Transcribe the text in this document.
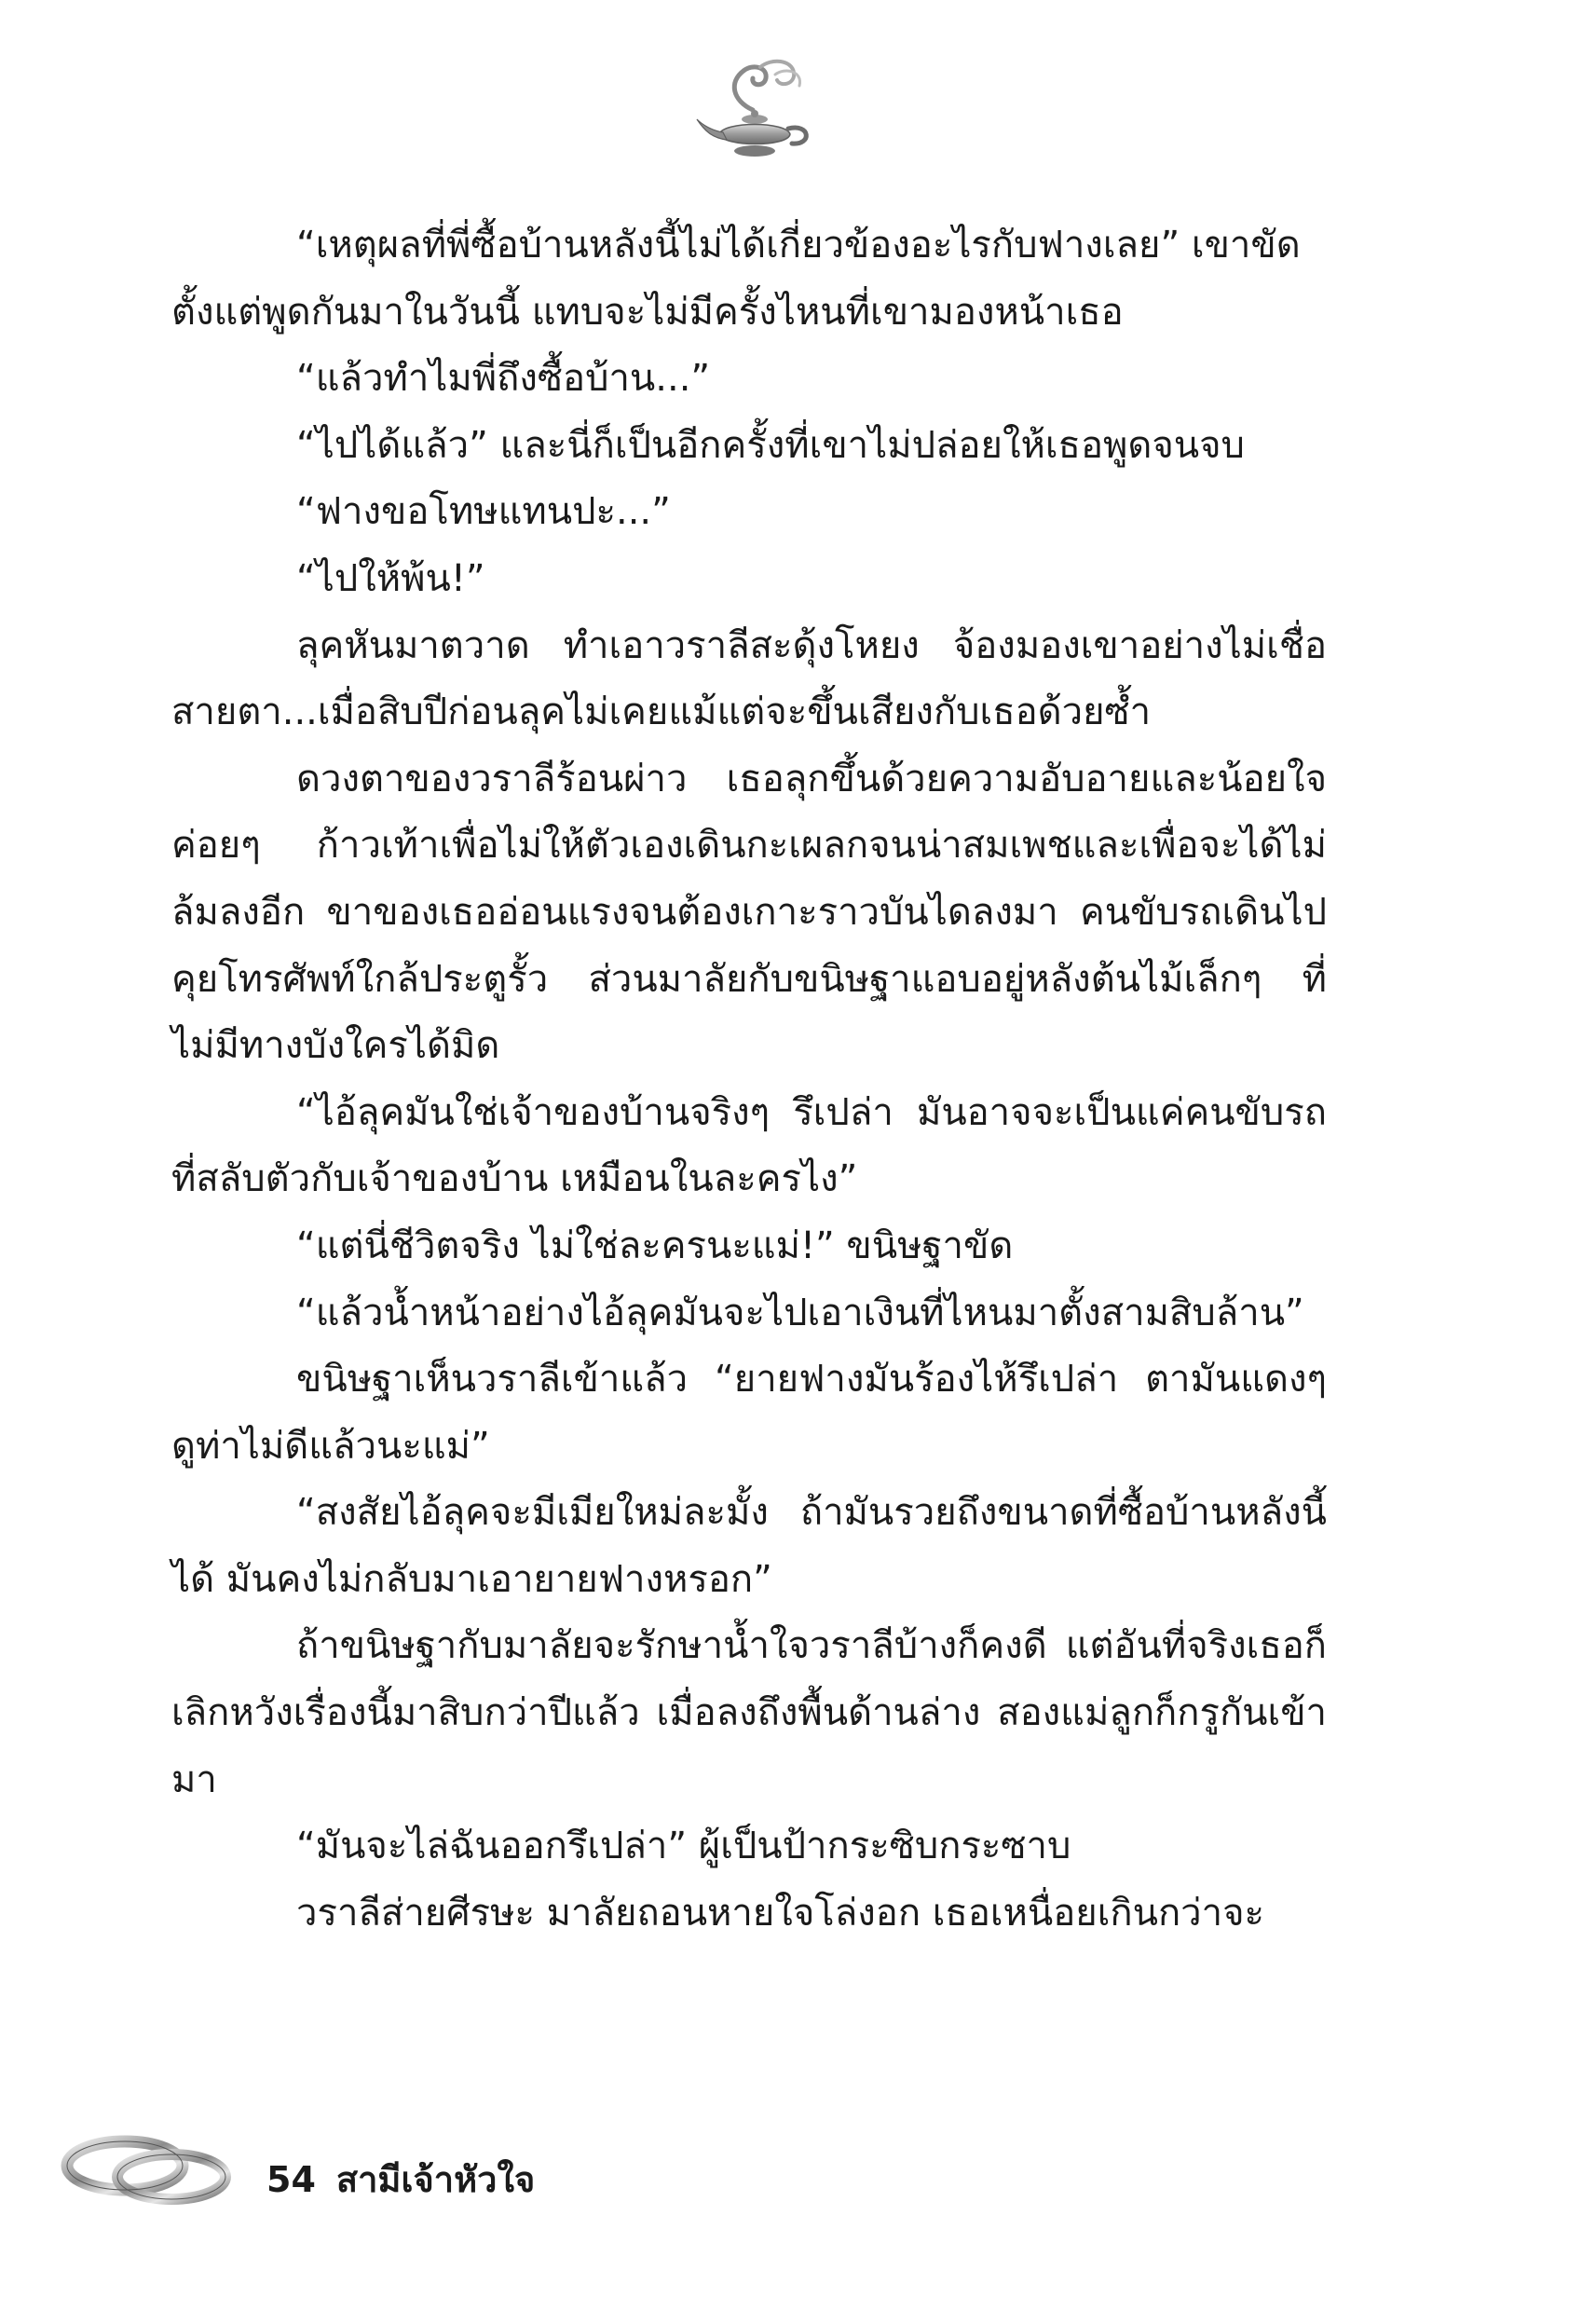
“เหตุผลที่พี่ซื้อบ้านหลังนี้ไม่ได้เกี่ยวข้องอะไรกับฟางเลย” เขาขัด

ตั้งแต่พูดกันมาในวันนี้ แทบจะไม่มีครั้งไหนที่เขามองหน้าเธอ

“แล้วทำไมพี่ถึงซื้อบ้าน...”

“ไปได้แล้ว” และนี่ก็เป็นอีกครั้งที่เขาไม่ปล่อยให้เธอพูดจนจบ

“ฟางขอโทษแทนปะ...”

“ไปให้พ้น!”

ลุคหันมาตวาด ทำเอาวราลีสะดุ้งโหยง จ้องมองเขาอย่างไม่เชื่อสายตา...เมื่อสิบปีก่อนลุคไม่เคยแม้แต่จะขึ้นเสียงกับเธอด้วยซ้ำ

ดวงตาของวราลีร้อนผ่าว เธอลุกขึ้นด้วยความอับอายและน้อยใจ ค่อยๆ ก้าวเท้าเพื่อไม่ให้ตัวเองเดินกะเผลกจนน่าสมเพชและเพื่อจะได้ไม่ล้มลงอีก ขาของเธออ่อนแรงจนต้องเกาะราวบันไดลงมา คนขับรถเดินไปคุยโทรศัพท์ใกล้ประตูรั้ว ส่วนมาลัยกับขนิษฐาแอบอยู่หลังต้นไม้เล็กๆ ที่ไม่มีทางบังใครได้มิด

“ไอ้ลุคมันใช่เจ้าของบ้านจริงๆ รึเปล่า มันอาจจะเป็นแค่คนขับรถที่สลับตัวกับเจ้าของบ้าน เหมือนในละครไง”

“แต่นี่ชีวิตจริง ไม่ใช่ละครนะแม่!” ขนิษฐาขัด

“แล้วน้ำหน้าอย่างไอ้ลุคมันจะไปเอาเงินที่ไหนมาตั้งสามสิบล้าน”

ขนิษฐาเห็นวราลีเข้าแล้ว “ยายฟางมันร้องไห้รึเปล่า ตามันแดงๆ ดูท่าไม่ดีแล้วนะแม่”

“สงสัยไอ้ลุคจะมีเมียใหม่ละมั้ง ถ้ามันรวยถึงขนาดที่ซื้อบ้านหลังนี้ได้ มันคงไม่กลับมาเอายายฟางหรอก”

ถ้าขนิษฐากับมาลัยจะรักษาน้ำใจวราลีบ้างก็คงดี แต่อันที่จริงเธอก็เลิกหวังเรื่องนี้มาสิบกว่าปีแล้ว เมื่อลงถึงพื้นด้านล่าง สองแม่ลูกก็กรูกันเข้ามา

“มันจะไล่ฉันออกรึเปล่า” ผู้เป็นป้ากระซิบกระซาบ

วราลีส่ายศีรษะ มาลัยถอนหายใจโล่งอก เธอเหนื่อยเกินกว่าจะ

54 สามีเจ้าหัวใจ
